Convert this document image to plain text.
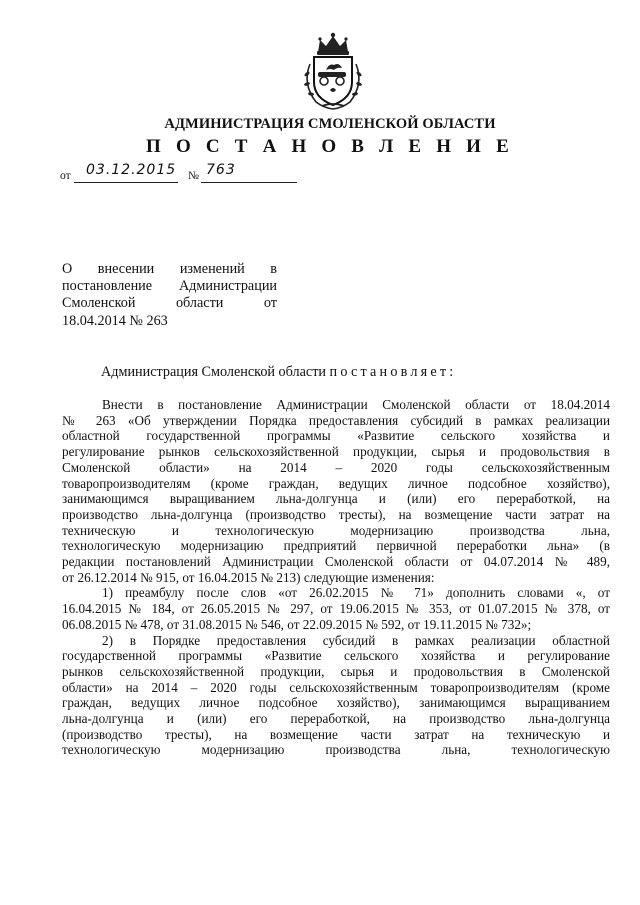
АДМИНИСТРАЦИЯ СМОЛЕНСКОЙ ОБЛАСТИ
П О С Т А Н О В Л Е Н И Е
от 03.12.2015 № 763

О внесении изменений в

постановление Администрации

Смоленской области от

18.04.2014 № 263

Администрация Смоленской области постановляет:

Внести в постановление Администрации Смоленской области от 18.04.2014

№ 263 «Об утверждении Порядка предоставления субсидий в рамках реализации

областной государственной программы «Развитие сельского хозяйства и

регулирование рынков сельскохозяйственной продукции, сырья и продовольствия в

Смоленской области» на 2014 – 2020 годы сельскохозяйственным

товаропроизводителям (кроме граждан, ведущих личное подсобное хозяйство),

занимающимся выращиванием льна-долгунца и (или) его переработкой, на

производство льна-долгунца (производство тресты), на возмещение части затрат на

техническую и технологическую модернизацию производства льна,

технологическую модернизацию предприятий первичной переработки льна» (в

редакции постановлений Администрации Смоленской области от 04.07.2014 № 489,

от 26.12.2014 № 915, от 16.04.2015 № 213) следующие изменения:

1) преамбулу после слов «от 26.02.2015 № 71» дополнить словами «, от

16.04.2015 № 184, от 26.05.2015 № 297, от 19.06.2015 № 353, от 01.07.2015 № 378, от

06.08.2015 № 478, от 31.08.2015 № 546, от 22.09.2015 № 592, от 19.11.2015 № 732»;

2) в Порядке предоставления субсидий в рамках реализации областной

государственной программы «Развитие сельского хозяйства и регулирование

рынков сельскохозяйственной продукции, сырья и продовольствия в Смоленской

области» на 2014 – 2020 годы сельскохозяйственным товаропроизводителям (кроме

граждан, ведущих личное подсобное хозяйство), занимающимся выращиванием

льна-долгунца и (или) его переработкой, на производство льна-долгунца

(производство тресты), на возмещение части затрат на техническую и

технологическую модернизацию производства льна, технологическую
